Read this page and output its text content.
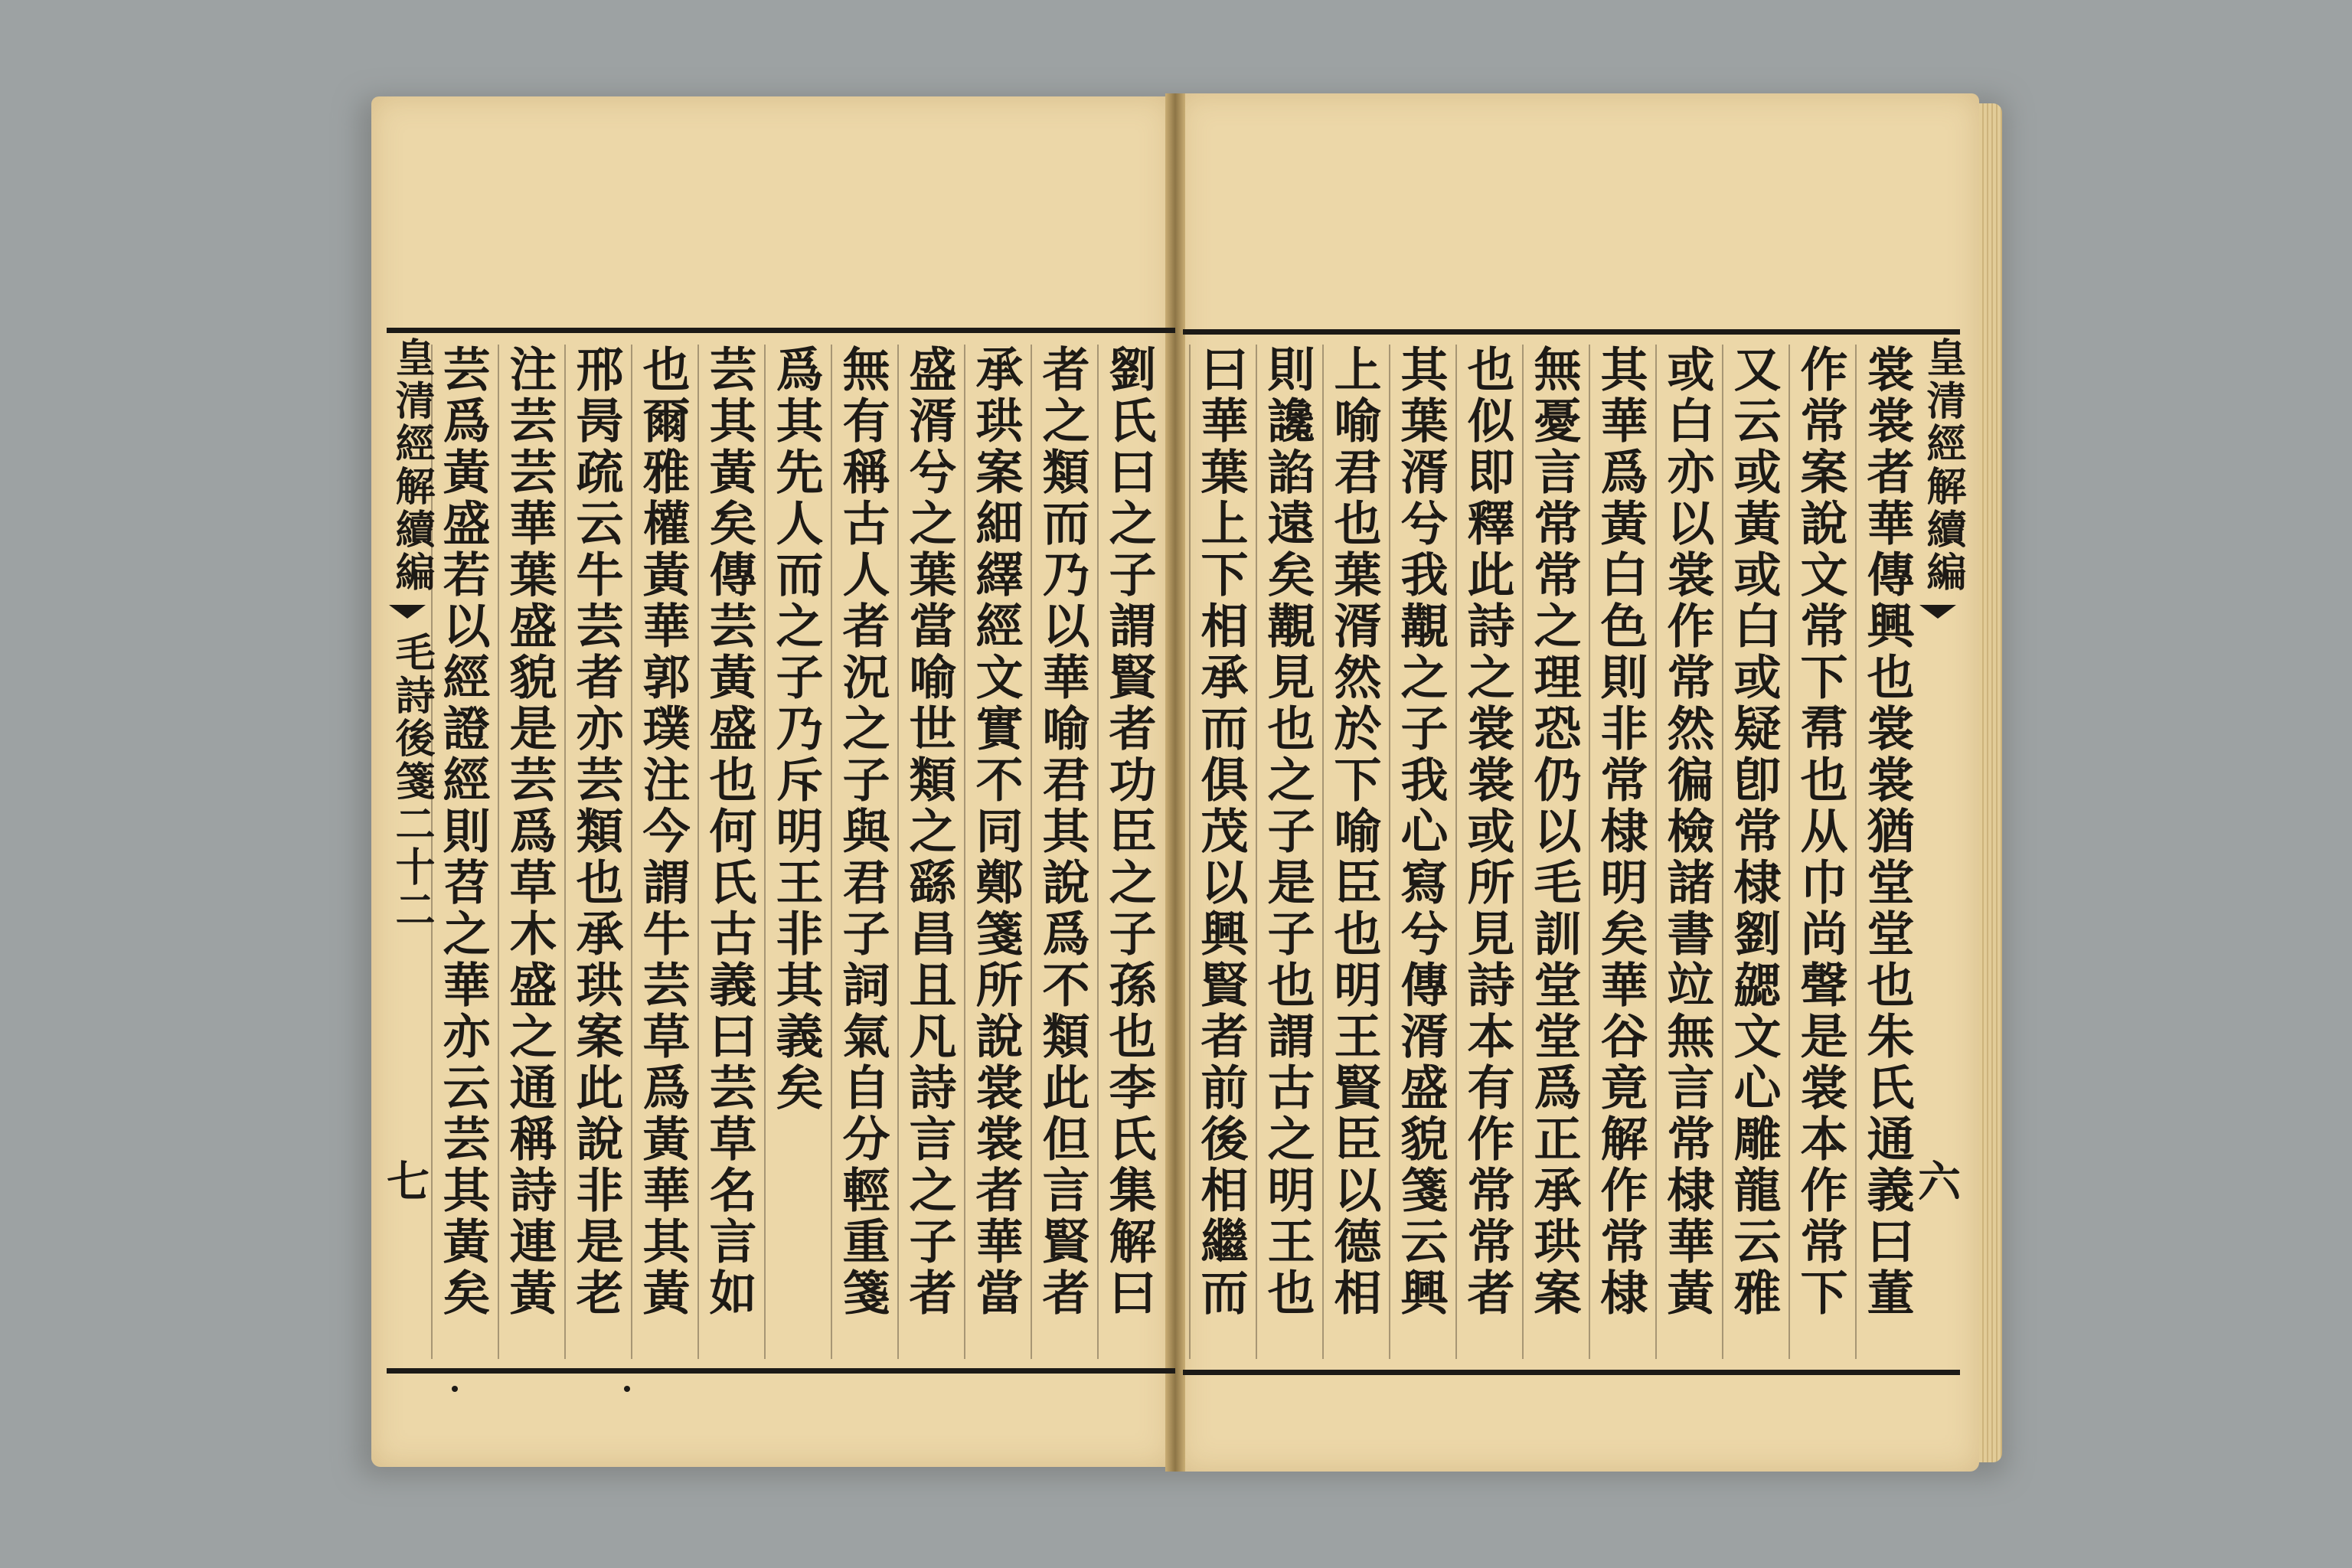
皇清經解續編
毛詩後箋二十二
七
芸爲黃盛若以經證經則苕之華亦云芸其黃矣
注芸芸華葉盛貌是芸爲草木盛之通稱詩連黃
邢昺疏云牛芸者亦芸類也承珙案此說非是老
也爾雅權黃華郭璞注今謂牛芸草爲黃華其黃
芸其黃矣傳芸黃盛也何氏古義曰芸草名言如
爲其先人而之子乃斥明王非其義矣 無有稱古人者況之子與君子詞氣自分輕重箋
盛湑兮之葉當喻世類之繇昌且凡詩言之子者
承珙案細繹經文實不同鄭箋所說裳裳者華當
者之類而乃以華喻君其說爲不類此但言賢者
劉氏曰之子謂賢者功臣之子孫也李氏集解曰
曰華葉上下相承而俱茂以興賢者前後相繼而
則讒諂遠矣覯見也之子是子也謂古之明王也
上喻君也葉湑然於下喻臣也明王賢臣以德相
其葉湑兮我覯之子我心寫兮傳湑盛貌箋云興
也似即釋此詩之裳裳或所見詩本有作常常者
無憂言常常之理恐仍以毛訓堂堂爲正承珙案
其華爲黃白色則非常棣明矣華谷竟解作常棣
或白亦以裳作常然徧檢諸書竝無言常棣華黃
又云或黃或白或疑卽常棣劉勰文心雕龍云雅
作常案說文常下帬也从巾尚聲是裳本作常下
裳裳者華傳興也裳裳猶堂堂也朱氏通義曰董
皇清經解續編
六
